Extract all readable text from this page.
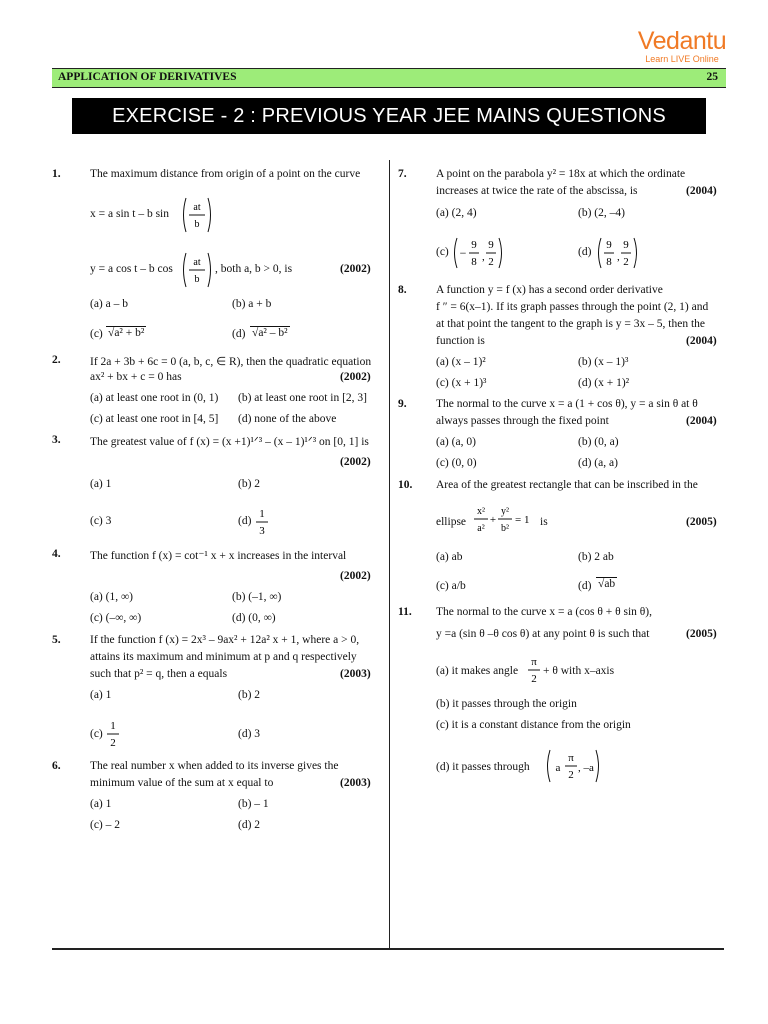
Vedantu
Learn LIVE Online
APPLICATION OF DERIVATIVES	25
EXERCISE - 2 : PREVIOUS YEAR JEE MAINS QUESTIONS
1.	The maximum distance from origin of a point on the curve
x = a sin t – b sin
at
b
y = a cos t – b cos
at
b
, both a, b > 0, is	(2002)
(a) a – b	(b) a + b
(c) √a² + b²	(d) √a² – b²
2.	If 2a + 3b + 6c = 0 (a, b, c, ∈ R), then the quadratic equation
ax² + bx + c = 0 has	(2002)
(a) at least one root in (0, 1) (b) at least one root in [2, 3]
(c) at least one root in [4, 5] (d) none of the above
3.	The greatest value of f (x) = (x +1)¹ᐟ³ – (x – 1)¹ᐟ³ on [0, 1] is
(2002)
(a) 1	(b) 2
(c) 3	(d)
1
3
4.	The function f (x) = cot⁻¹ x + x increases in the interval
(2002)
(a) (1, ∞)	(b) (–1, ∞)
(c) (–∞, ∞)	(d) (0, ∞)
5.	If the function f (x) = 2x³ – 9ax² + 12a² x + 1, where a > 0,
attains its maximum and minimum at p and q respectively
such that p² = q, then a equals	(2003)
(a) 1	(b) 2
(c)
1
2
(d) 3
6.	The real number x when added to its inverse gives the
minimum value of the sum at x equal to	(2003)
(a) 1	(b) – 1
(c) – 2	(d) 2
7.	A point on the parabola y² = 18x at which the ordinate
increases at twice the rate of the abscissa, is	(2004)
(a) (2, 4)	(b) (2, –4)
(c) −
9
8 ,
9
2
(d)
9
8 ,
9
2
8.	A function y = f (x) has a second order derivative
f ″ = 6(x–1). If its graph passes through the point (2, 1) and
at that point the tangent to the graph is y = 3x – 5, then the
function is	(2004)
(a) (x – 1)²	(b) (x – 1)³
(c) (x + 1)³	(d) (x + 1)²
9.	The normal to the curve x = a (1 + cos θ), y = a sin θ at θ
always passes through the fixed point	(2004)
(a) (a, 0)	(b) (0, a)
(c) (0, 0)	(d) (a, a)
10. Area of the greatest rectangle that can be inscribed in the
ellipse
x²
a²
+
y²
b²
= 1 is	(2005)
(a) ab	(b) 2 ab
(c) a/b	(d) √ab
11. The normal to the curve x = a (cos θ + θ sin θ),
y =a (sin θ –θ cos θ) at any point θ is such that	(2005)
(a) it makes angle
π
2
+ θ with x–axis
(b) it passes through the origin
(c) it is a constant distance from the origin
(d) it passes through a
π
2
, –a
